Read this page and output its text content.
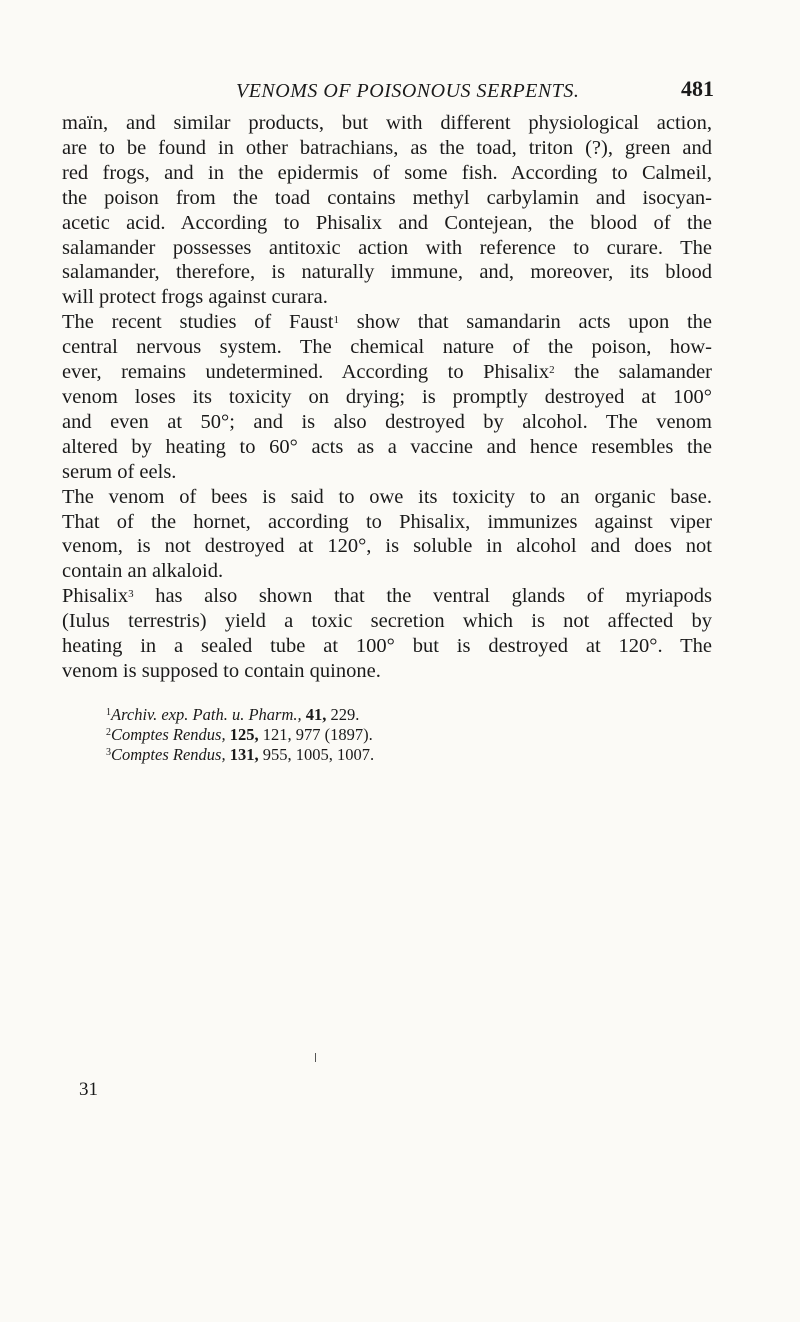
VENOMS OF POISONOUS SERPENTS.	481

maïn, and similar products, but with different physiological action,
are to be found in other batrachians, as the toad, triton (?), green and
red frogs, and in the epidermis of some fish. According to Calmeil,
the poison from the toad contains methyl carbylamin and isocyan-
acetic acid. According to Phisalix and Contejean, the blood of the
salamander possesses antitoxic action with reference to curare. The
salamander, therefore, is naturally immune, and, moreover, its blood
will protect frogs against curara.

The recent studies of Faust$^1$ show that samandarin acts upon the
central nervous system. The chemical nature of the poison, how-
ever, remains undetermined. According to Phisalix$^2$ the salamander
venom loses its toxicity on drying; is promptly destroyed at 100°
and even at 50°; and is also destroyed by alcohol. The venom
altered by heating to 60° acts as a vaccine and hence resembles the
serum of eels.

The venom of bees is said to owe its toxicity to an organic base.
That of the hornet, according to Phisalix, immunizes against viper
venom, is not destroyed at 120°, is soluble in alcohol and does not
contain an alkaloid.

Phisalix$^3$ has also shown that the ventral glands of myriapods
(Iulus terrestris) yield a toxic secretion which is not affected by
heating in a sealed tube at 100° but is destroyed at 120°. The
venom is supposed to contain quinone.

$^1$Archiv. exp. Path. u. Pharm., 41, 229.
$^2$Comptes Rendus, 125, 121, 977 (1897).
$^3$Comptes Rendus, 131, 955, 1005, 1007.
31
